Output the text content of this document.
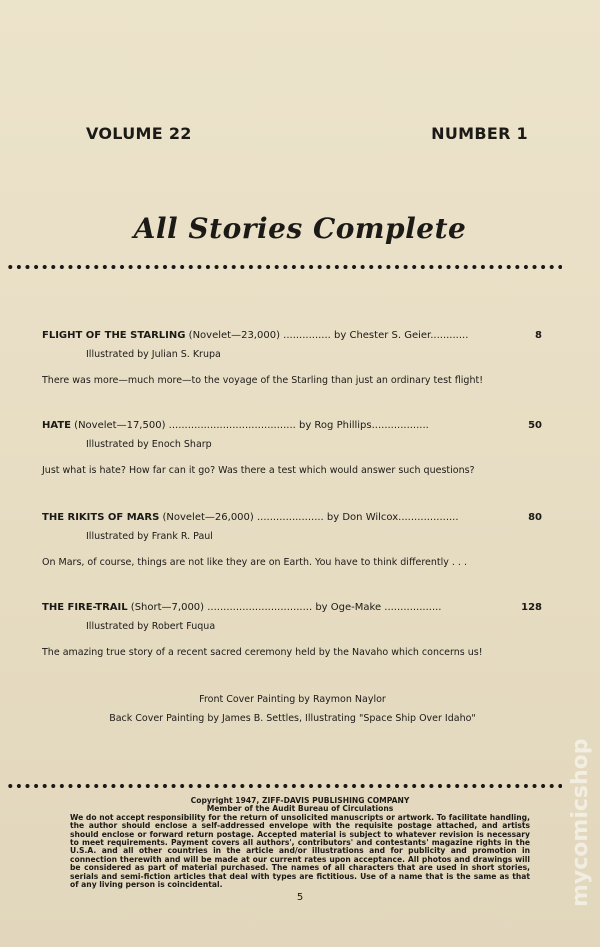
VOLUME 22	NUMBER 1
All Stories Complete
FLIGHT OF THE STARLING (Novelet—23,000) ............... by Chester S. Geier............	8
Illustrated by Julian S. Krupa
There was more—much more—to the voyage of the Starling than just an ordinary test flight!
HATE (Novelet—17,500) ........................................ by Rog Phillips..................	50
Illustrated by Enoch Sharp
Just what is hate? How far can it go? Was there a test which would answer such questions?
THE RIKITS OF MARS (Novelet—26,000) ..................... by Don Wilcox...................	80
Illustrated by Frank R. Paul
On Mars, of course, things are not like they are on Earth. You have to think differently . . .
THE FIRE-TRAIL (Short—7,000) ................................. by Oge-Make ..................	128
Illustrated by Robert Fuqua
The amazing true story of a recent sacred ceremony held by the Navaho which concerns us!
Front Cover Painting by Raymon Naylor
Back Cover Painting by James B. Settles, Illustrating "Space Ship Over Idaho"
Copyright 1947, ZIFF-DAVIS PUBLISHING COMPANY
Member of the Audit Bureau of Circulations
We do not accept responsibility for the return of unsolicited manuscripts or artwork. To facilitate handling, the author should enclose a self-addressed envelope with the requisite postage attached, and artists should enclose or forward return postage. Accepted material is subject to whatever revision is necessary to meet requirements. Payment covers all authors', contributors' and contestants' magazine rights in the U.S.A. and all other countries in the article and/or illustrations and for publicity and promotion in connection therewith and will be made at our current rates upon acceptance. All photos and drawings will be considered as part of material purchased. The names of all characters that are used in short stories, serials and semi-fiction articles that deal with types are fictitious. Use of a name that is the same as that of any living person is coincidental.
5	mycomicshop
